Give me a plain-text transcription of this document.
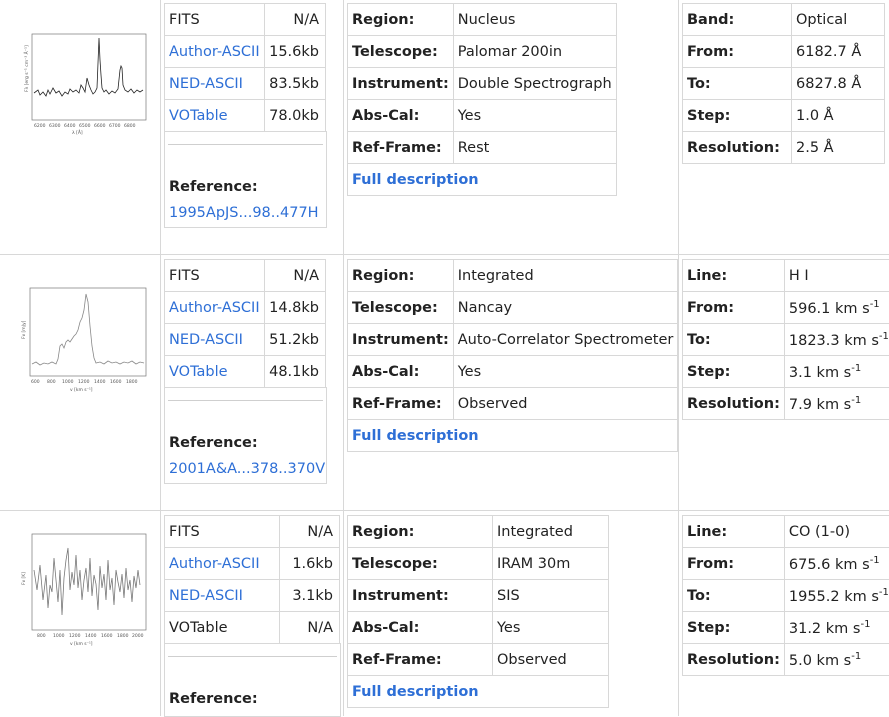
6200 6300 6400 6500 6600 6700 6800
λ [Å]
Fλ [erg s⁻¹ cm⁻² Å⁻¹]
FITS	N/A
Author-ASCII	15.6kb
NED-ASCII	83.5kb
VOTable	78.0kb
Reference:
1995ApJS...98..477H
Region:	Nucleus
Telescope:	Palomar 200in
Instrument:	Double Spectrograph
Abs-Cal:	Yes
Ref-Frame:	Rest
Full description	
Band:	Optical
From:	6182.7 Å
To:	6827.8 Å
Step:	1.0 Å
Resolution:	2.5 Å
600 800 1000 1200 1400 1600 1800
v [km s⁻¹]
Fν [mJy]
FITS	N/A
Author-ASCII	14.8kb
NED-ASCII	51.2kb
VOTable	48.1kb
Reference:
2001A&A...378..370V
Region:	Integrated
Telescope:	Nancay
Instrument:	Auto-Correlator Spectrometer
Abs-Cal:	Yes
Ref-Frame:	Observed
Full description	
Line:	H I
From:	596.1 km $s^{-1}$
To:	1823.3 km $s^{-1}$
Step:	3.1 km $s^{-1}$
Resolution:	7.9 km $s^{-1}$
800 1000 1200 1400 1600 1800 2000
v [km s⁻¹]
Fν [K]
FITS	N/A
Author-ASCII	1.6kb
NED-ASCII	3.1kb
VOTable	N/A
Reference:
Region:	Integrated
Telescope:	IRAM 30m
Instrument:	SIS
Abs-Cal:	Yes
Ref-Frame:	Observed
Full description	
Line:	CO (1-0)
From:	675.6 km $s^{-1}$
To:	1955.2 km $s^{-1}$
Step:	31.2 km $s^{-1}$
Resolution:	5.0 km $s^{-1}$
